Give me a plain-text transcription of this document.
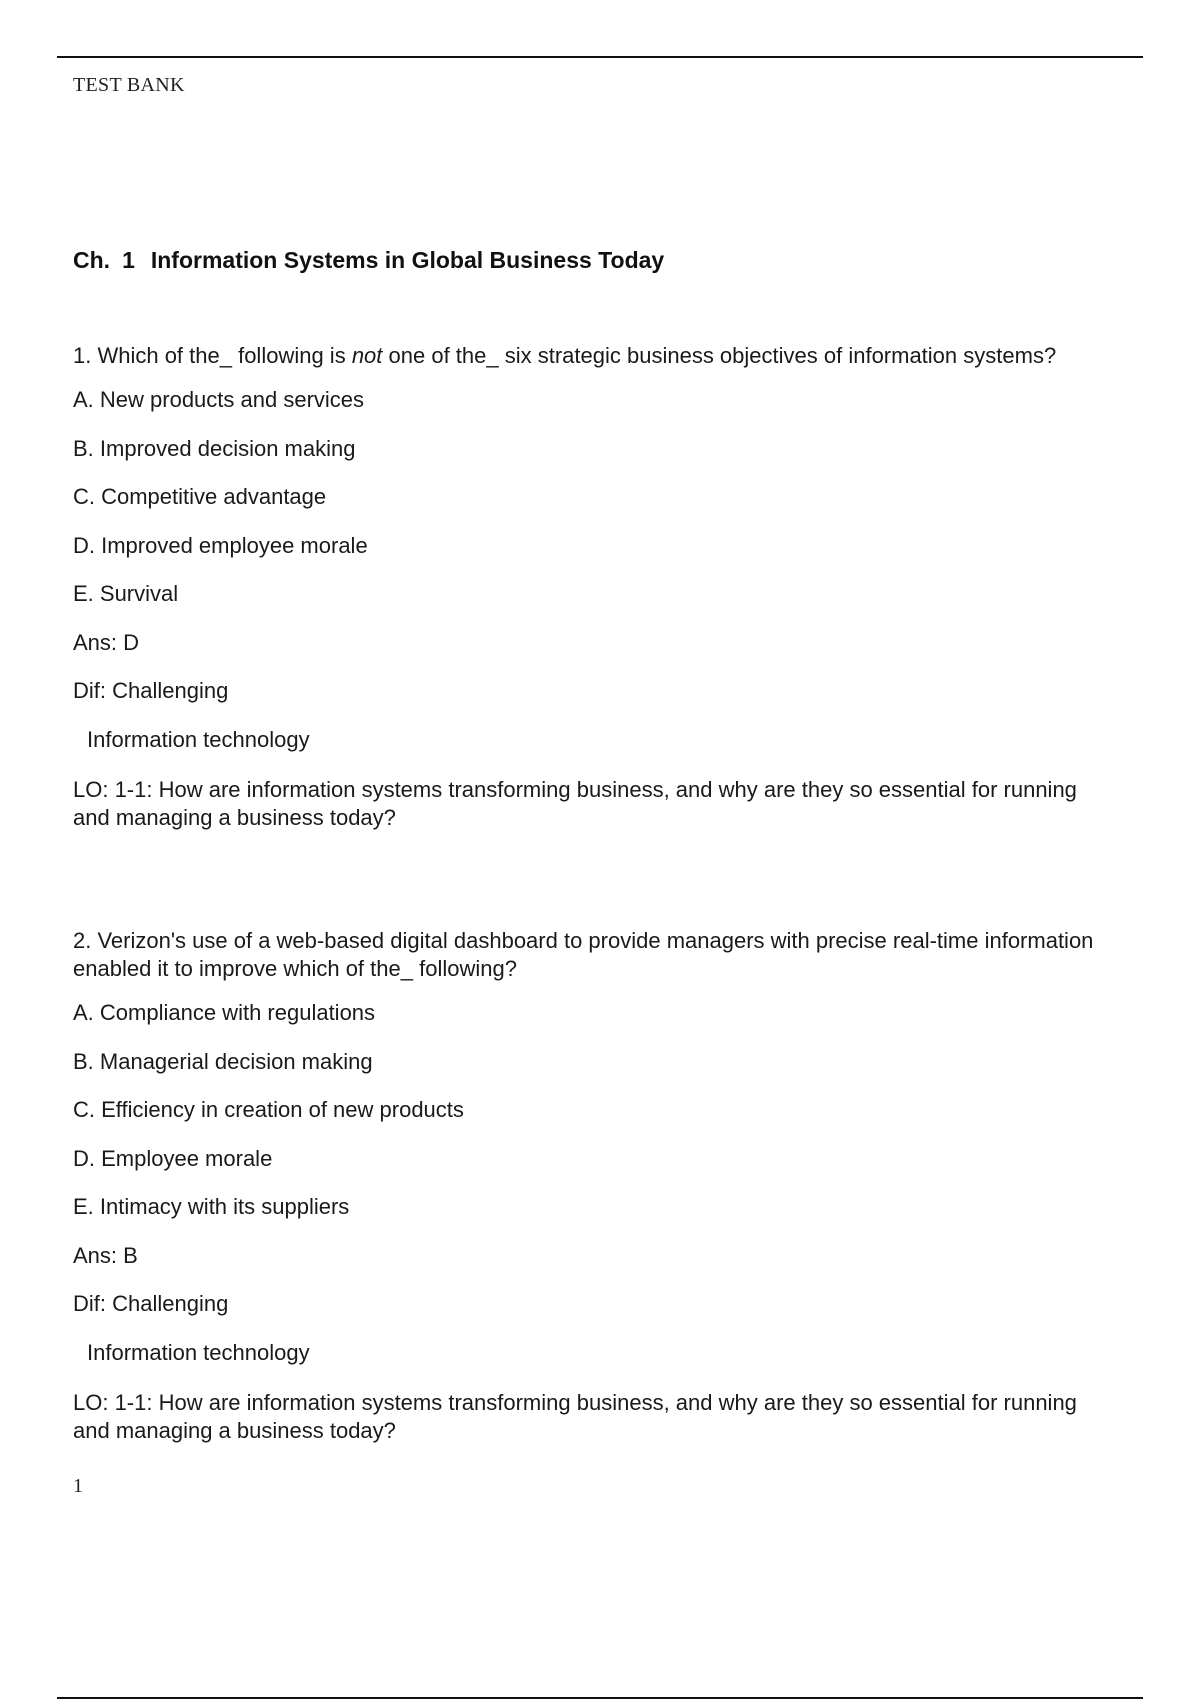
TEST BANK
Ch. 1 Information Systems in Global Business Today

1. Which of the_ following is not one of the_ six strategic business objectives of information systems?

A. New products and services

B. Improved decision making

C. Competitive advantage

D. Improved employee morale

E. Survival

Ans: D

Dif: Challenging

Information technology

LO: 1-1: How are information systems transforming business, and why are they so essential for running and managing a business today?

2. Verizon's use of a web-based digital dashboard to provide managers with precise real-time information enabled it to improve which of the_ following?

A. Compliance with regulations

B. Managerial decision making

C. Efficiency in creation of new products

D. Employee morale

E. Intimacy with its suppliers

Ans: B

Dif: Challenging

Information technology

LO: 1-1: How are information systems transforming business, and why are they so essential for running and managing a business today?

1
